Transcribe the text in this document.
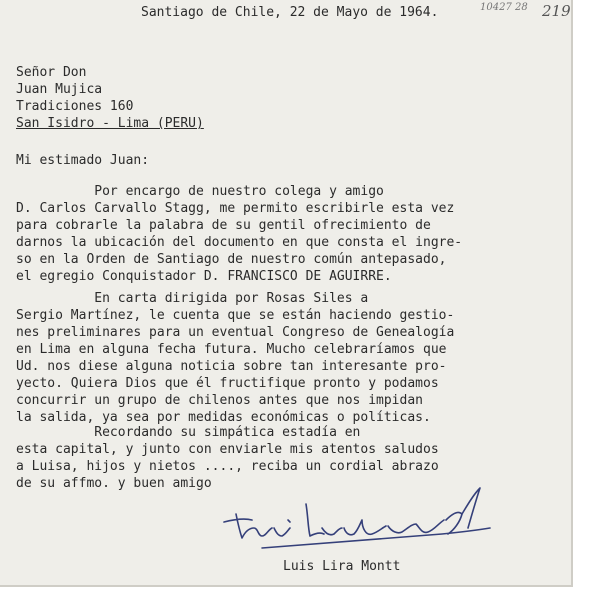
Santiago de Chile, 22 de Mayo de 1964.	10427 28 219
Señor Don
Juan Mujica
Tradiciones 160
San Isidro - Lima (PERU)
Mi estimado Juan:
Por encargo de nuestro colega y amigo
D. Carlos Carvallo Stagg, me permito escribirle esta vez
para cobrarle la palabra de su gentil ofrecimiento de
darnos la ubicación del documento en que consta el ingre-
so en la Orden de Santiago de nuestro común antepasado,
el egregio Conquistador D. FRANCISCO DE AGUIRRE.
En carta dirigida por Rosas Siles a
Sergio Martínez, le cuenta que se están haciendo gestio-
nes preliminares para un eventual Congreso de Genealogía
en Lima en alguna fecha futura. Mucho celebraríamos que
Ud. nos diese alguna noticia sobre tan interesante pro-
yecto. Quiera Dios que él fructifique pronto y podamos
concurrir un grupo de chilenos antes que nos impidan
la salida, ya sea por medidas económicas o políticas.
Recordando su simpática estadía en
esta capital, y junto con enviarle mis atentos saludos
a Luisa, hijos y nietos ...., reciba un cordial abrazo
de su affmo. y buen amigo
Luis Lira Montt
